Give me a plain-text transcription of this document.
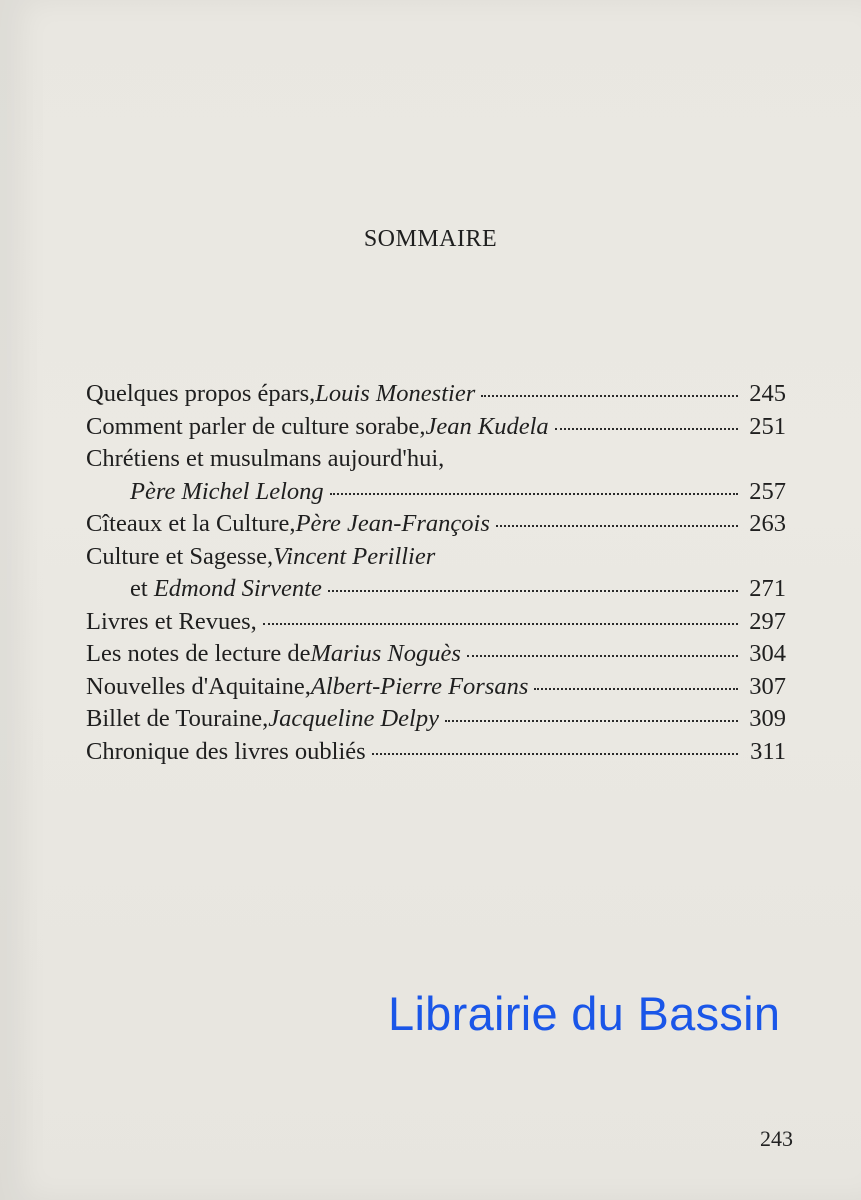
SOMMAIRE
Quelques propos épars, Louis Monestier	245
Comment parler de culture sorabe, Jean Kudela	251
Chrétiens et musulmans aujourd'hui,
Père Michel Lelong	257
Cîteaux et la Culture, Père Jean-François	263
Culture et Sagesse, Vincent Perillier
et
Edmond Sirvente	271
Livres et Revues,	297
Les notes de lecture de Marius Noguès	304
Nouvelles d'Aquitaine, Albert-Pierre Forsans	307
Billet de Touraine, Jacqueline Delpy	309
Chronique des livres oubliés	311
Librairie du Bassin
243
